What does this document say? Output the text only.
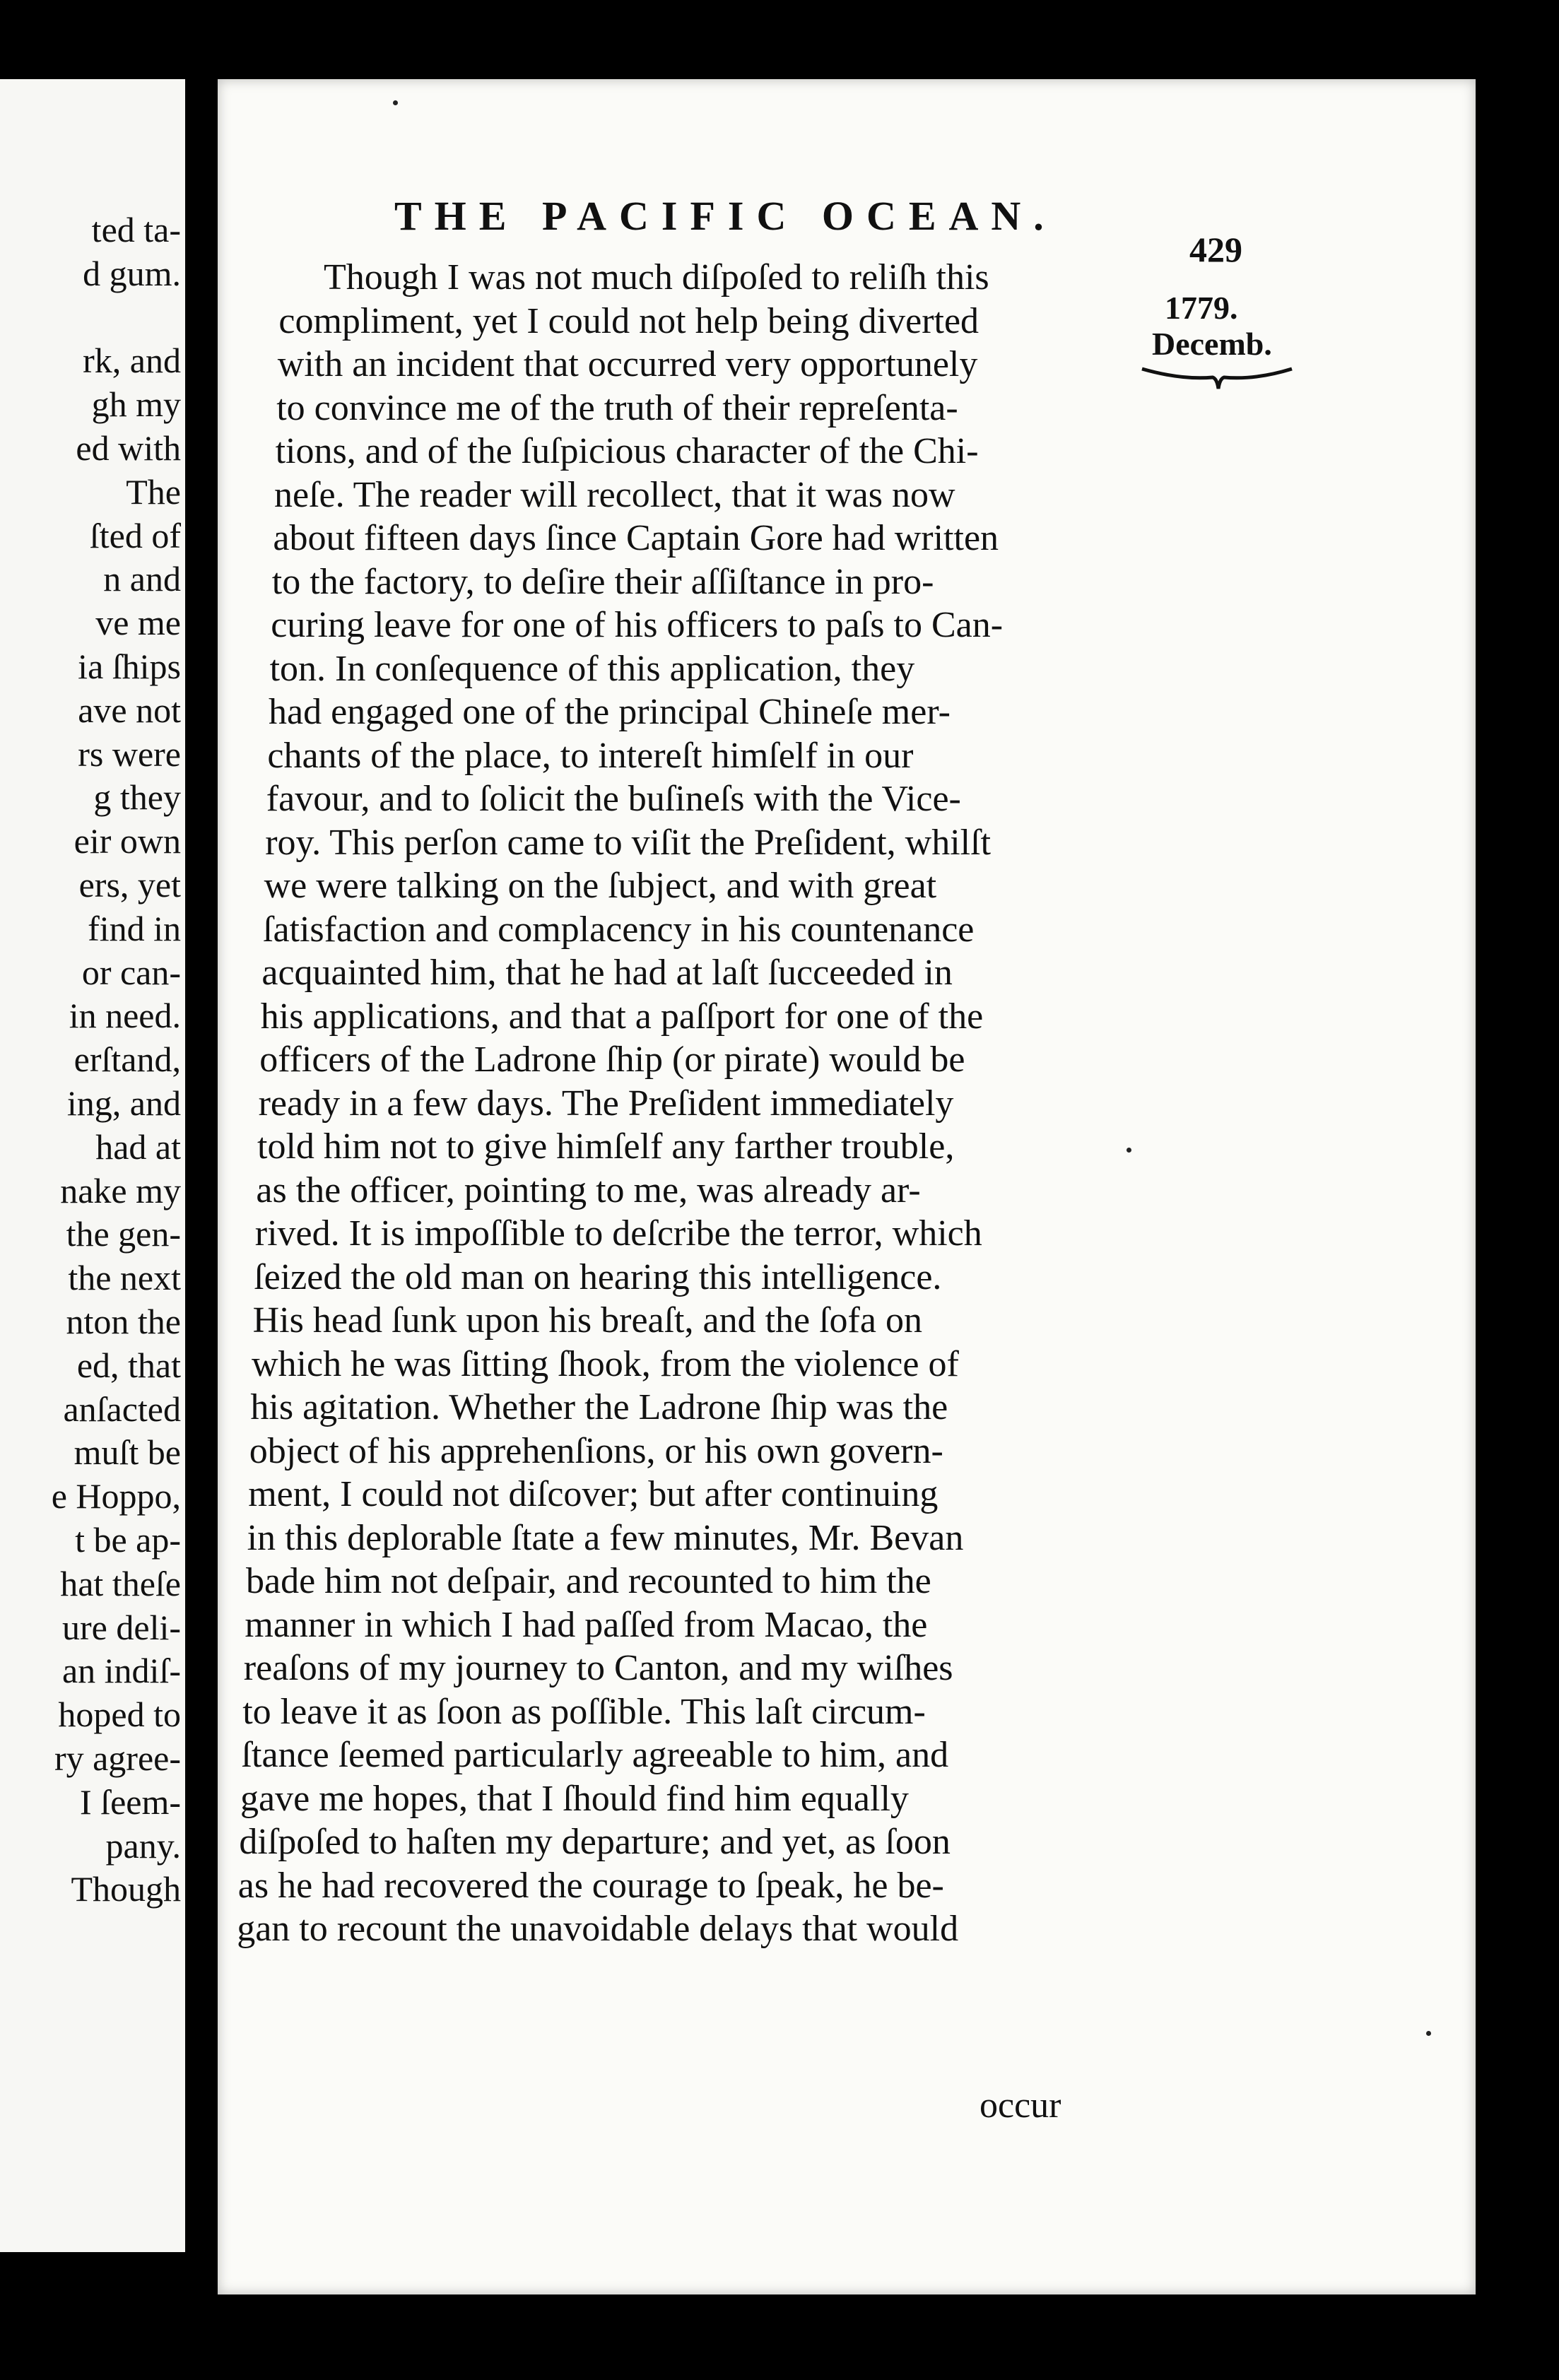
ted ta-
d gum.
rk, and
gh my
ed with
The
ſted of
n and
ve me
ia ſhips
ave not
rs were
g they
eir own
ers, yet
find in
or can-
in need.
erſtand,
ing, and
had at
nake my
the gen-
the next
nton the
ed, that
anſacted
muſt be
e Hoppo,
t be ap-
hat theſe
ure deli-
an indiſ-
hoped to
ry agree-
I ſeem-
pany.
Though
THE PACIFIC OCEAN.
429
1779.
Decemb.
Though I was not much diſpoſed to reliſh this
compliment, yet I could not help being diverted
with an incident that occurred very opportunely
to convince me of the truth of their repreſenta-
tions, and of the ſuſpicious character of the Chi-
neſe. The reader will recollect, that it was now
about fifteen days ſince Captain Gore had written
to the factory, to deſire their aſſiſtance in pro-
curing leave for one of his officers to paſs to Can-
ton. In conſequence of this application, they
had engaged one of the principal Chineſe mer-
chants of the place, to intereſt himſelf in our
favour, and to ſolicit the buſineſs with the Vice-
roy. This perſon came to viſit the Preſident, whilſt
we were talking on the ſubject, and with great
ſatisfaction and complacency in his countenance
acquainted him, that he had at laſt ſucceeded in
his applications, and that a paſſport for one of the
officers of the Ladrone ſhip (or pirate) would be
ready in a few days. The Preſident immediately
told him not to give himſelf any farther trouble,
as the officer, pointing to me, was already ar-
rived. It is impoſſible to deſcribe the terror, which
ſeized the old man on hearing this intelligence.
His head ſunk upon his breaſt, and the ſofa on
which he was ſitting ſhook, from the violence of
his agitation. Whether the Ladrone ſhip was the
object of his apprehenſions, or his own govern-
ment, I could not diſcover; but after continuing
in this deplorable ſtate a few minutes, Mr. Bevan
bade him not deſpair, and recounted to him the
manner in which I had paſſed from Macao, the
reaſons of my journey to Canton, and my wiſhes
to leave it as ſoon as poſſible. This laſt circum-
ſtance ſeemed particularly agreeable to him, and
gave me hopes, that I ſhould find him equally
diſpoſed to haſten my departure; and yet, as ſoon
as he had recovered the courage to ſpeak, he be-
gan to recount the unavoidable delays that would
occur
